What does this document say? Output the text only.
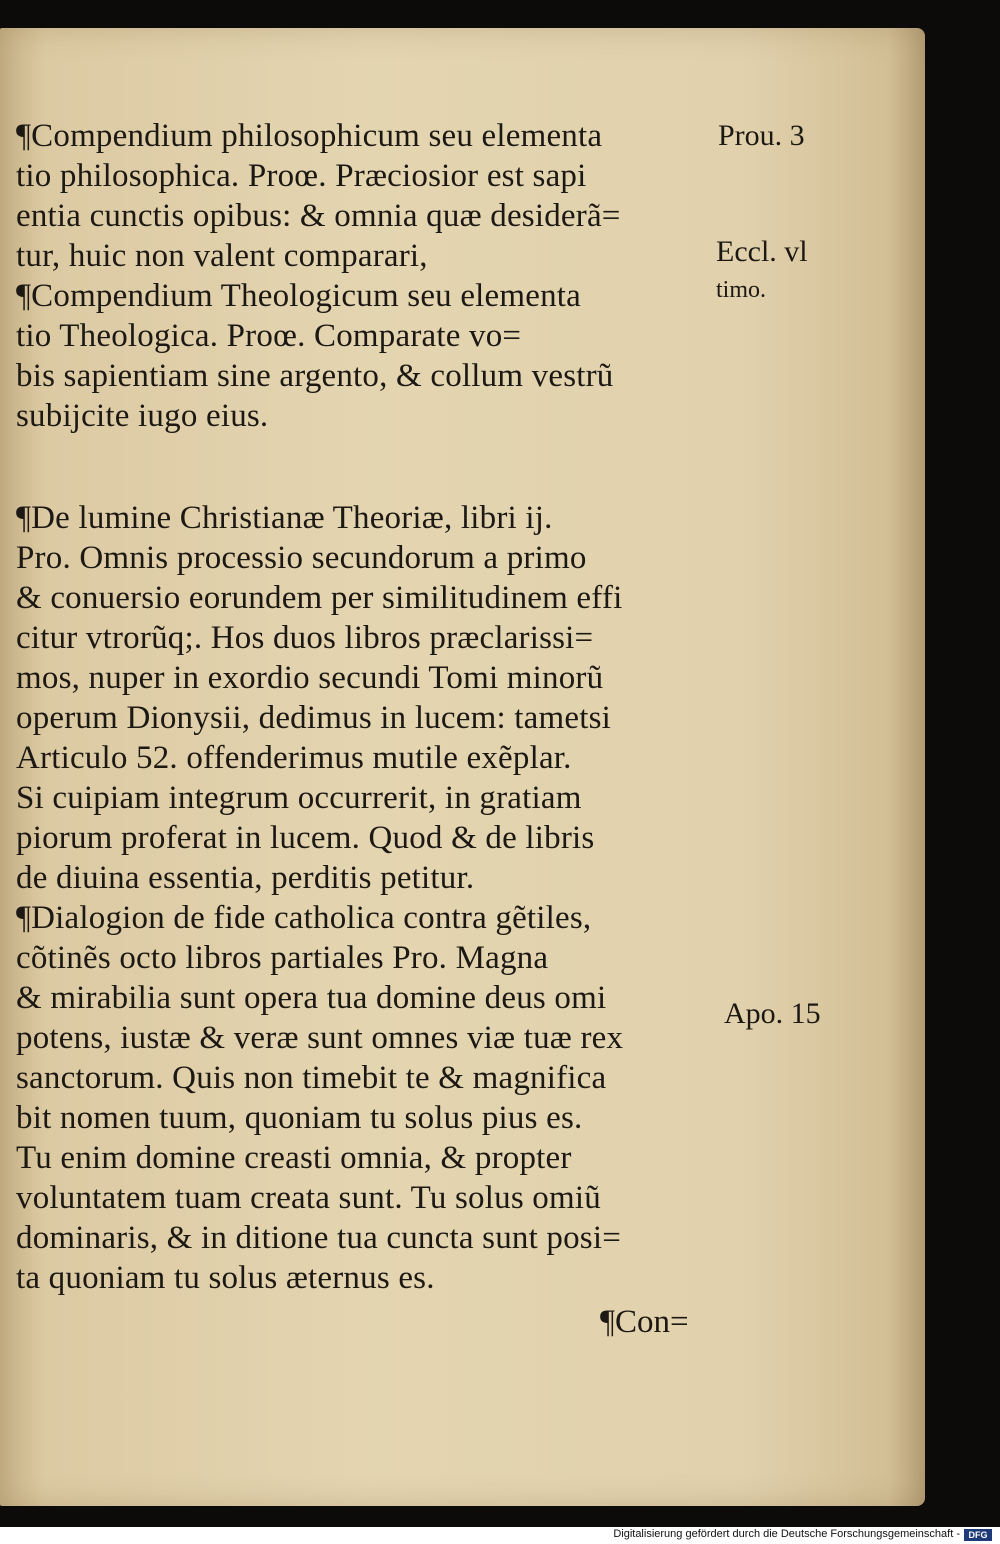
¶Compendium philosophicum seu elementa
tio philosophica. Proœ. Præciosior est sapi
entia cunctis opibus: & omnia quæ desiderã=
tur, huic non valent comparari,
¶Compendium Theologicum seu elementa
tio Theologica. Proœ. Comparate vo=
bis sapientiam sine argento, & collum vestrũ
subijcite iugo eius.
¶De lumine Christianæ Theoriæ, libri ij.
Pro. Omnis processio secundorum a primo
& conuersio eorundem per similitudinem effi
citur vtrorũq;. Hos duos libros præclarissi=
mos, nuper in exordio secundi Tomi minorũ
operum Dionysii, dedimus in lucem: tametsi
Articulo 52. offenderimus mutile exẽplar.
Si cuipiam integrum occurrerit, in gratiam
piorum proferat in lucem. Quod & de libris
de diuina essentia, perditis petitur.
¶Dialogion de fide catholica contra gẽtiles,
cõtinẽs octo libros partiales Pro. Magna
& mirabilia sunt opera tua domine deus omi
potens, iustæ & veræ sunt omnes viæ tuæ rex
sanctorum. Quis non timebit te & magnifica
bit nomen tuum, quoniam tu solus pius es.
Tu enim domine creasti omnia, & propter
voluntatem tuam creata sunt. Tu solus omiũ
dominaris, & in ditione tua cuncta sunt posi=
ta quoniam tu solus æternus es.
Prou. 3
Eccl. vl
timo.
Apo. 15
¶Con=
Digitalisierung gefördert durch die Deutsche Forschungsgemeinschaft - DFG
